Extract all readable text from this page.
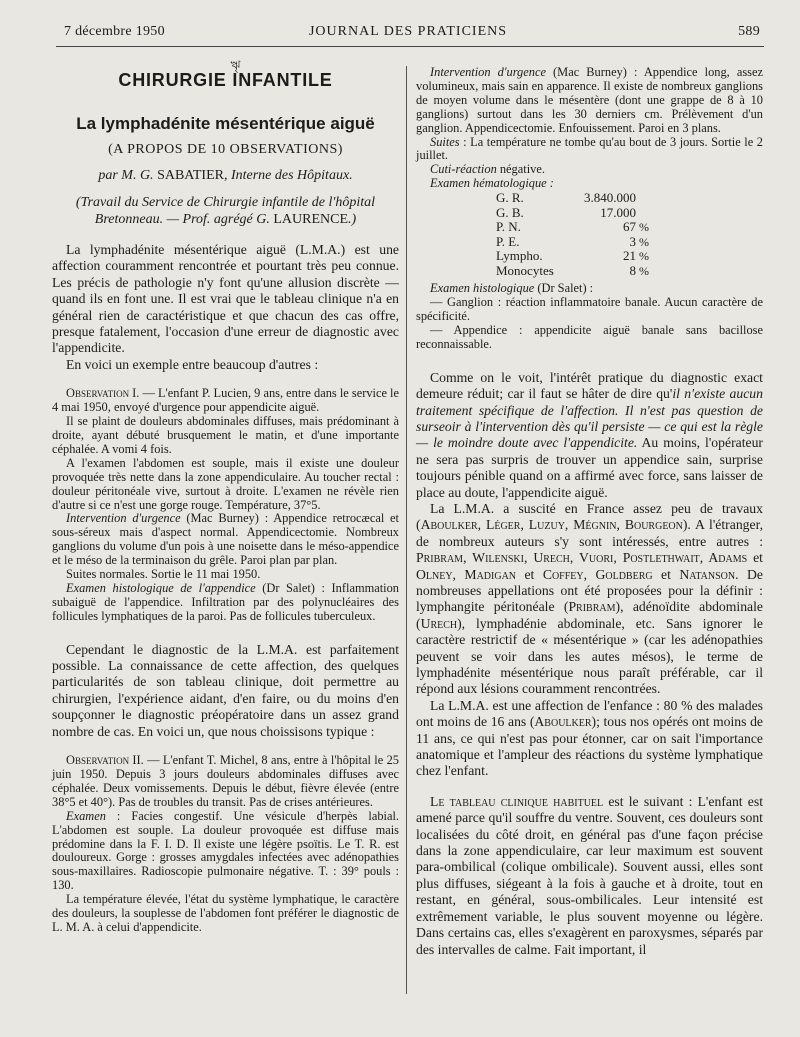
7 décembre 1950	JOURNAL DES PRATICIENS	589
ৠ
CHIRURGIE INFANTILE
La lymphadénite mésentérique aiguë
(A PROPOS DE 10 OBSERVATIONS)
par M. G. SABATIER, Interne des Hôpitaux.
(Travail du Service de Chirurgie infantile de l'hôpital
Bretonneau. — Prof. agrégé G. LAURENCE.)

La lymphadénite mésentérique aiguë (L.M.A.) est une affection couramment rencontrée et pourtant très peu connue. Les précis de pathologie n'y font qu'une allusion discrète — quand ils en font une. Il est vrai que le tableau clinique n'a en général rien de caractéristique et que chacun des cas offre, presque fatalement, l'occasion d'une erreur de diagnostic avec l'appendicite.

En voici un exemple entre beaucoup d'autres :

Observation I. — L'enfant P. Lucien, 9 ans, entre dans le service le 4 mai 1950, envoyé d'urgence pour appendicite aiguë.

Il se plaint de douleurs abdominales diffuses, mais prédominant à droite, ayant débuté brusquement le matin, et d'une importante céphalée. A vomi 4 fois.

A l'examen l'abdomen est souple, mais il existe une douleur provoquée très nette dans la zone appendiculaire. Au toucher rectal : douleur péritonéale vive, surtout à droite. L'examen ne révèle rien d'autre si ce n'est une gorge rouge. Température, 37°5.

Intervention d'urgence (Mac Burney) : Appendice retrocæcal et sous-séreux mais d'aspect normal. Appendicectomie. Nombreux ganglions du volume d'un pois à une noisette dans le méso-appendice et le méso de la terminaison du grêle. Paroi plan par plan.

Suites normales. Sortie le 11 mai 1950.

Examen histologique de l'appendice (Dr Salet) : Inflammation subaiguë de l'appendice. Infiltration par des polynucléaires des follicules lymphatiques de la paroi. Pas de follicules tuberculeux.

Cependant le diagnostic de la L.M.A. est parfaitement possible. La connaissance de cette affection, des quelques particularités de son tableau clinique, doit permettre au chirurgien, l'expérience aidant, d'en faire, ou du moins d'en soupçonner le diagnostic préopératoire dans un assez grand nombre de cas. En voici un, que nous choissisons typique :

Observation II. — L'enfant T. Michel, 8 ans, entre à l'hôpital le 25 juin 1950. Depuis 3 jours douleurs abdominales diffuses avec céphalée. Deux vomissements. Depuis le début, fièvre élevée (entre 38°5 et 40°). Pas de troubles du transit. Pas de crises antérieures.

Examen : Facies congestif. Une vésicule d'herpès labial. L'abdomen est souple. La douleur provoquée est diffuse mais prédomine dans la F. I. D. Il existe une légère psoïtis. Le T. R. est douloureux. Gorge : grosses amygdales infectées avec adénopathies sous-maxillaires. Radioscopie pulmonaire négative. T. : 39° pouls : 130.

La température élevée, l'état du système lymphatique, le caractère des douleurs, la souplesse de l'abdomen font préférer le diagnostic de L. M. A. à celui d'appendicite.

Intervention d'urgence (Mac Burney) : Appendice long, assez volumineux, mais sain en apparence. Il existe de nombreux ganglions de moyen volume dans le mésentère (dont une grappe de 8 à 10 ganglions) surtout dans les 30 derniers cm. Prélèvement d'un ganglion. Appendicectomie. Enfouissement. Paroi en 3 plans.

Suites : La température ne tombe qu'au bout de 3 jours. Sortie le 2 juillet.

Cuti-réaction négative.

Examen hématologique :

G. R.	3.840.000	
G. B.	17.000	
P. N.	67	%
P. E.	3	%
Lympho.	21	%
Monocytes	8	%

Examen histologique (Dr Salet) :

— Ganglion : réaction inflammatoire banale. Aucun caractère de spécificité.

— Appendice : appendicite aiguë banale sans bacillose reconnaissable.

Comme on le voit, l'intérêt pratique du diagnostic exact demeure réduit; car il faut se hâter de dire qu'il n'existe aucun traitement spécifique de l'affection. Il n'est pas question de surseoir à l'intervention dès qu'il persiste — ce qui est la règle — le moindre doute avec l'appendicite. Au moins, l'opérateur ne sera pas surpris de trouver un appendice sain, surprise toujours pénible quand on a affirmé avec force, sans laisser de place au doute, l'appendicite aiguë.

La L.M.A. a suscité en France assez peu de travaux (Aboulker, Léger, Luzuy, Mégnin, Bourgeon). A l'étranger, de nombreux auteurs s'y sont intéressés, entre autres : Pribram, Wilenski, Urech, Vuori, Postlethwait, Adams et Olney, Madigan et Coffey, Goldberg et Natanson. De nombreuses appellations ont été proposées pour la définir : lymphangite péritonéale (Pribram), adénoïdite abdominale (Urech), lymphadénie abdominale, etc. Sans ignorer le caractère restrictif de « mésentérique » (car les adénopathies peuvent se voir dans les autes mésos), le terme de lymphadénite mésentérique nous paraît préférable, car il répond aux lésions couramment rencontrées.

La L.M.A. est une affection de l'enfance : 80 % des malades ont moins de 16 ans (Aboulker); tous nos opérés ont moins de 11 ans, ce qui n'est pas pour étonner, car on sait l'importance anatomique et l'ampleur des réactions du système lymphatique chez l'enfant.

Le tableau clinique habituel est le suivant : L'enfant est amené parce qu'il souffre du ventre. Souvent, ces douleurs sont localisées du côté droit, en général pas d'une façon précise dans la zone appendiculaire, car leur maximum est souvent para-ombilical (colique ombilicale). Souvent aussi, elles sont plus diffuses, siégeant à la fois à gauche et à droite, tout en restant, en général, sous-ombilicales. Leur intensité est extrêmement variable, le plus souvent moyenne ou légère. Dans certains cas, elles s'exagèrent en paroxysmes, séparés par des intervalles de calme. Fait important, il
